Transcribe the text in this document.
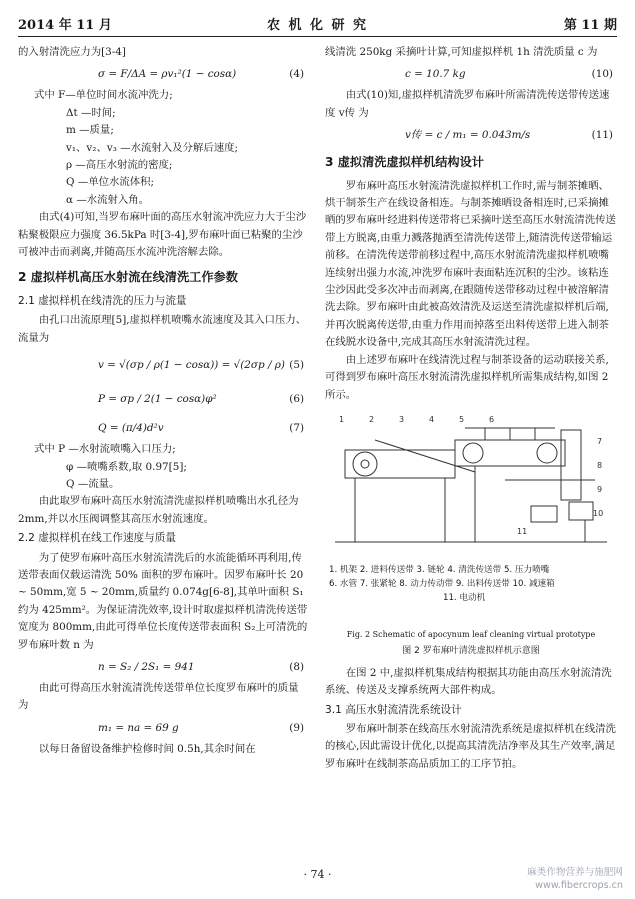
2014 年 11 月	农 机 化 研 究	第 11 期

的入射清洗应力为[3-4]

σ = F/ΔA = ρv₁²(1 − cosα)	(4)

式中 F—单位时间水流冲洗力;

Δt —时间;

m —质量;

v₁、v₂、v₃ —水流射入及分解后速度;

ρ —高压水射流的密度;

Q —单位水流体积;

α —水流射入角。

由式(4)可知,当罗布麻叶面的高压水射流冲洗应力大于尘沙粘聚极限应力强度 36.5kPa 时[3-4],罗布麻叶面已粘聚的尘沙可被冲击而剥离,并随高压水流冲洗溶解去除。

2 虚拟样机高压水射流在线清洗工作参数
2.1 虚拟样机在线清洗的压力与流量

由孔口出流原理[5],虚拟样机喷嘴水流速度及其入口压力、流量为

v = √(σp / ρ(1 − cosα)) = √(2σp / ρ) (5)
P = σp / 2(1 − cosα)φ²	(6)
Q = (π/4)d²v	(7)

式中 P —水射流喷嘴入口压力;

φ —喷嘴系数,取 0.97[5];

Q —流量。

由此取罗布麻叶高压水射流清洗虚拟样机喷嘴出水孔径为 2mm,并以水压阀调整其高压水射流速度。

2.2 虚拟样机在线工作速度与质量

为了使罗布麻叶高压水射流清洗后的水流能循环再利用,传送带表面仅载运清洗 50% 面积的罗布麻叶。因罗布麻叶长 20 ~ 50mm,宽 5 ~ 20mm,质量约 0.074g[6-8],其单叶面积 S₁约为 425mm²。为保证清洗效率,设计时取虚拟样机清洗传送带宽度为 800mm,由此可得单位长度传送带表面积 S₂上可清洗的罗布麻叶数 n 为

n = S₂ / 2S₁ = 941	(8)

由此可得高压水射流清洗传送带单位长度罗布麻叶的质量为

m₁ = na = 69 g	(9)

以每日备留设备维护检修时间 0.5h,其余时间在

线清洗 250kg 采摘叶计算,可知虚拟样机 1h 清洗质量 c 为

c = 10.7 kg	(10)

由式(10)知,虚拟样机清洗罗布麻叶所需清洗传送带传送速度 v传 为

v传 = c / m₁ = 0.043m/s	(11)
3 虚拟清洗虚拟样机结构设计

罗布麻叶高压水射流清洗虚拟样机工作时,需与制茶摊晒、烘干制茶生产在线设备相连。与制茶摊晒设备相连时,已采摘摊晒的罗布麻叶经进料传送带将已采摘叶送至高压水射流清洗传送带上方脱离,由重力溅落抛洒至清洗传送带上,随清洗传送带输运前移。在清洗传送带前移过程中,高压水射流清洗虚拟样机喷嘴连续射出强力水流,冲洗罗布麻叶表面粘连沉积的尘沙。该粘连尘沙因此受多次冲击而剥离,在跟随传送带移动过程中被溶解清洗去除。罗布麻叶由此被高效清洗及运送至清洗虚拟样机后端,并再次脱离传送带,由重力作用而掉落至出料传送带上进入制茶在线脱水设备中,完成其高压水射流清洗过程。

由上述罗布麻叶在线清洗过程与制茶设备的运动联接关系,可得到罗布麻叶高压水射流清洗虚拟样机所需集成结构,如图 2 所示。

1	2	3	4	5	6
7
8
9
10
11
1. 机架 2. 进料传送带 3. 链轮 4. 清洗传送带 5. 压力喷嘴
6. 水管 7. 张紧轮 8. 动力传动带 9. 出料传送带 10. 减速箱
11. 电动机
Fig. 2 Schematic of apocynum leaf cleaning virtual prototype
图 2 罗布麻叶清洗虚拟样机示意图

在图 2 中,虚拟样机集成结构根据其功能由高压水射流清洗系统、传送及支撑系统两大部件构成。

3.1 高压水射流清洗系统设计

罗布麻叶制茶在线高压水射流清洗系统是虚拟样机在线清洗的核心,因此需设计优化,以提高其清洗洁净率及其生产效率,满足罗布麻叶在线制茶高品质加工的工序节拍。

· 74 ·	麻类作物营养与施肥网
www.fibercrops.cn
